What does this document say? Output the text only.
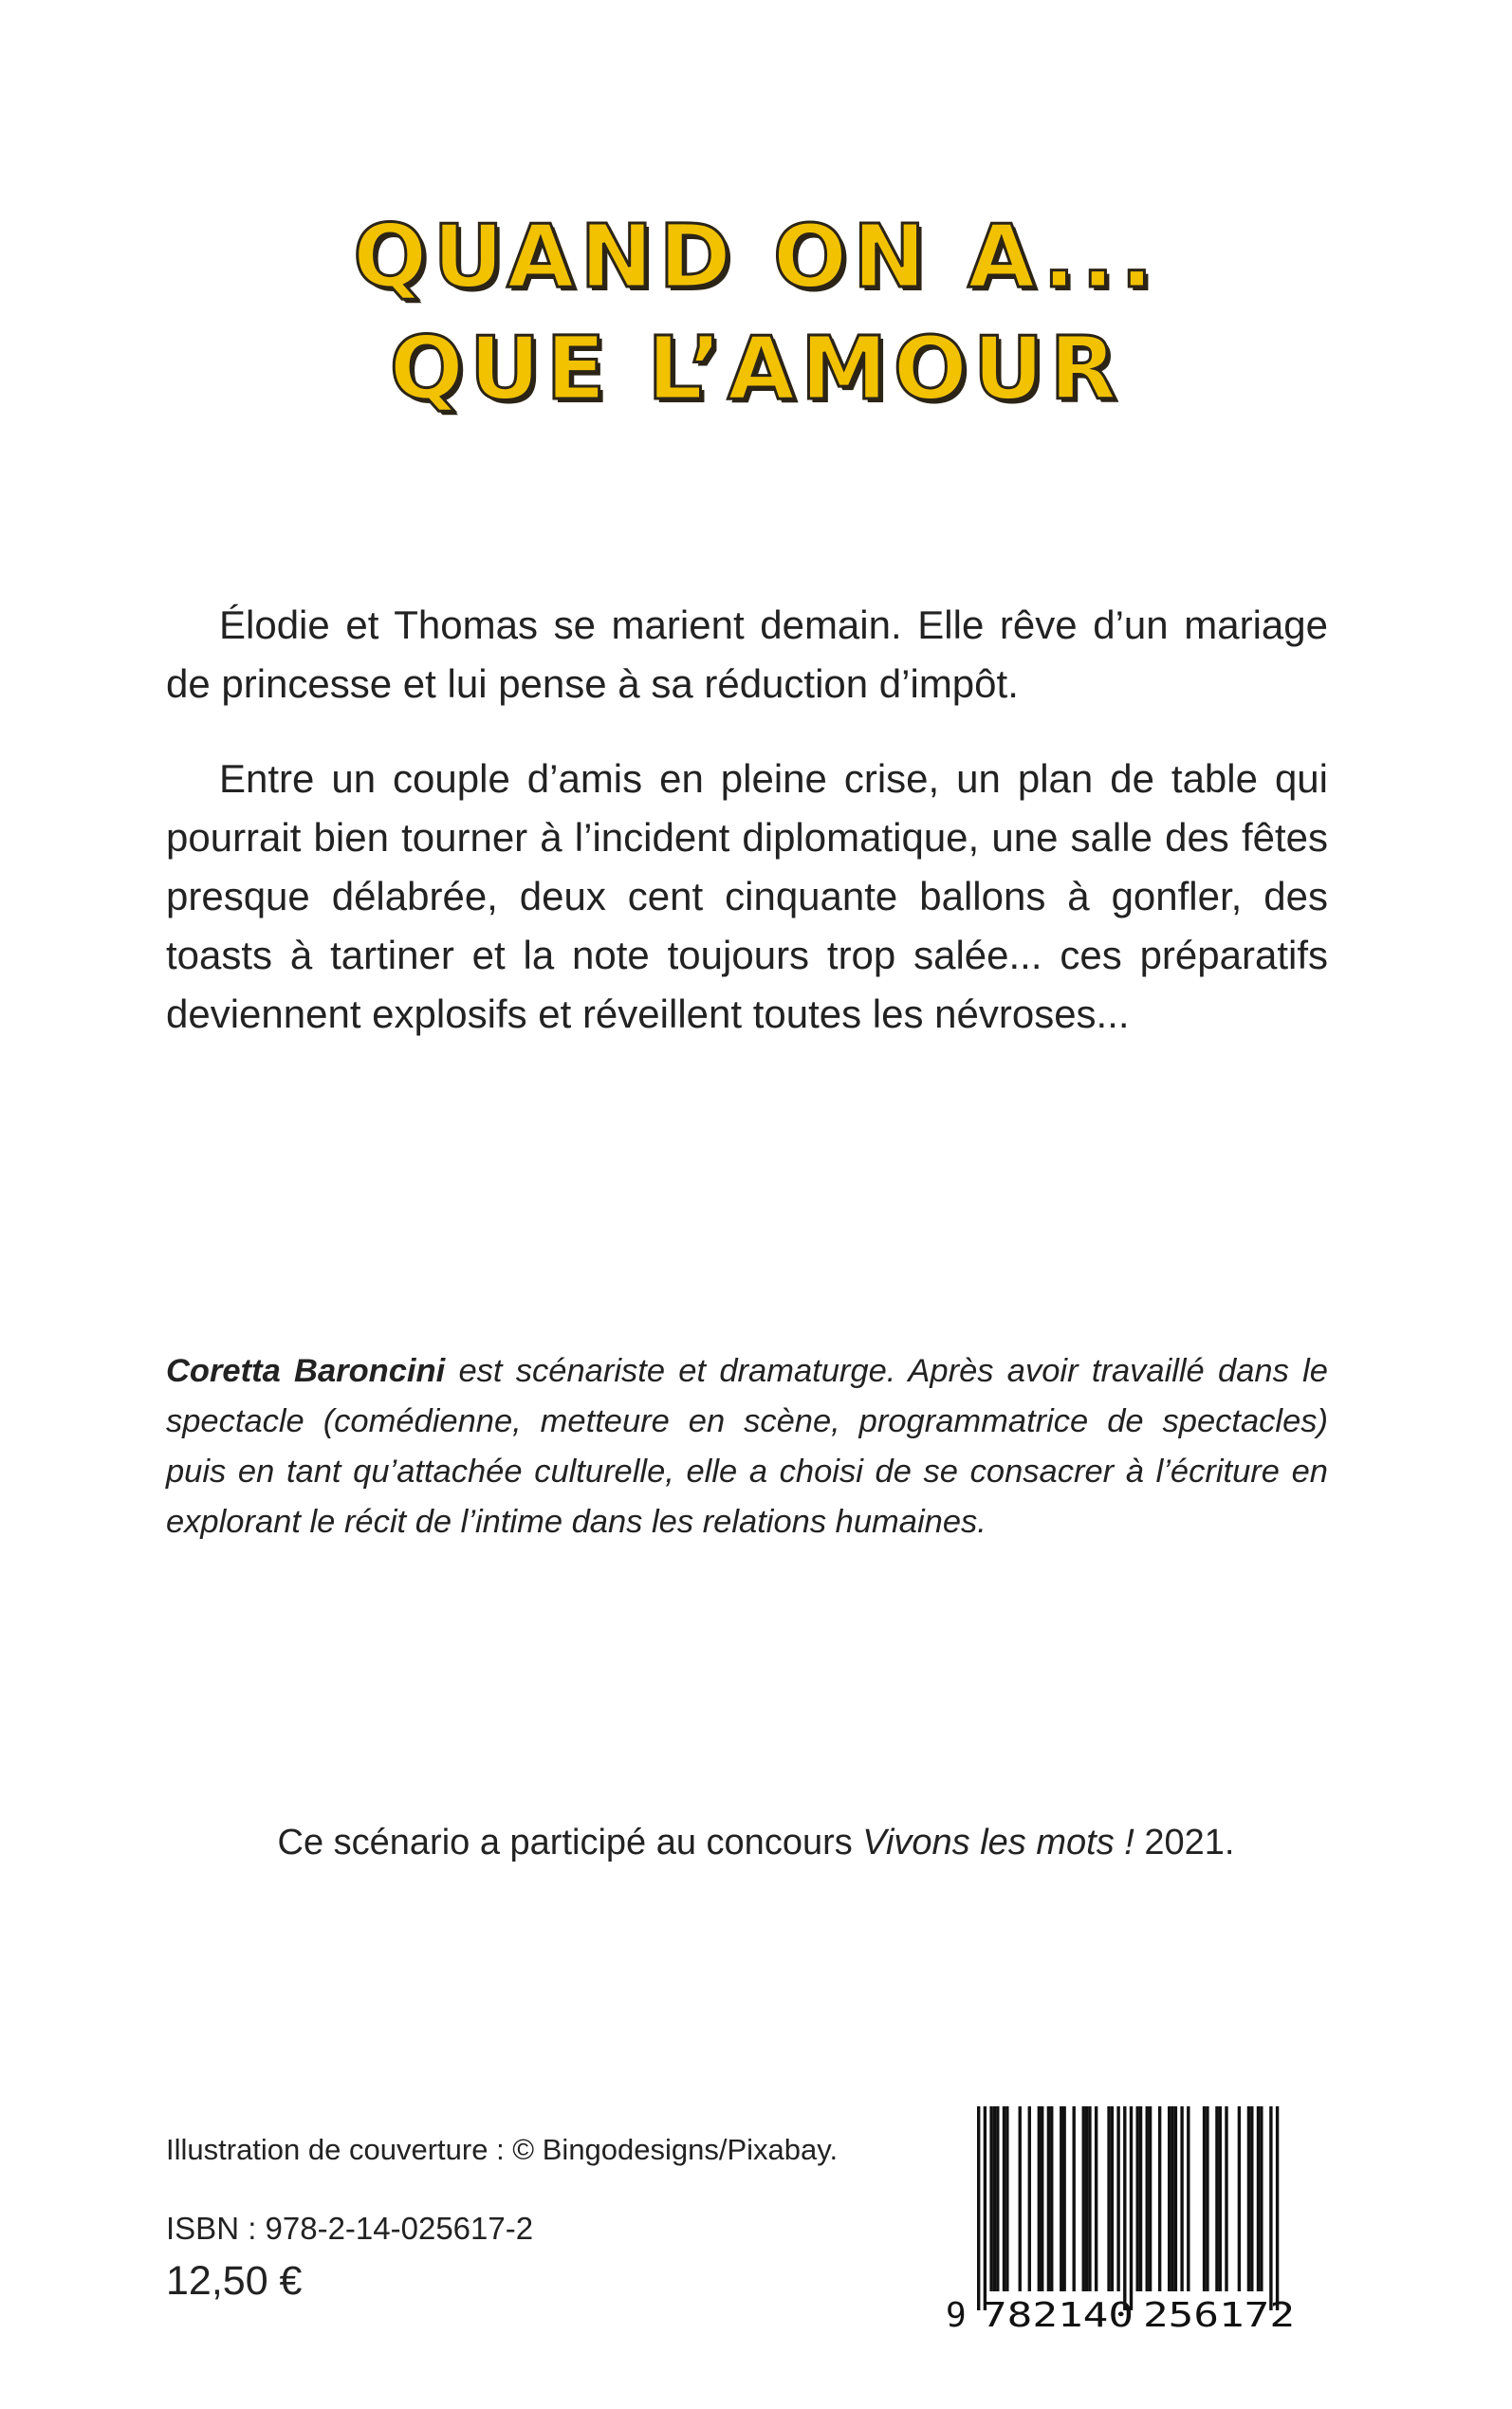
QUAND ON A...
QUE L’AMOUR

Élodie et Thomas se marient demain. Elle rêve d’un mariage de princesse et lui pense à sa réduction d’impôt.

Entre un couple d’amis en pleine crise, un plan de table qui pourrait bien tourner à l’incident diplomatique, une salle des fêtes presque délabrée, deux cent cinquante ballons à gonfler, des toasts à tartiner et la note toujours trop salée... ces préparatifs deviennent explosifs et réveillent toutes les névroses...

Coretta Baroncini est scénariste et dramaturge. Après avoir travaillé dans le spectacle (comédienne, metteure en scène, programmatrice de spectacles) puis en tant qu’attachée culturelle, elle a choisi de se consacrer à l’écriture en explorant le récit de l’intime dans les relations humaines.
Ce scénario a participé au concours Vivons les mots ! 2021.
Illustration de couverture : © Bingodesigns/Pixabay.
ISBN : 978-2-14-025617-2
12,50 €
9 782140 256172
